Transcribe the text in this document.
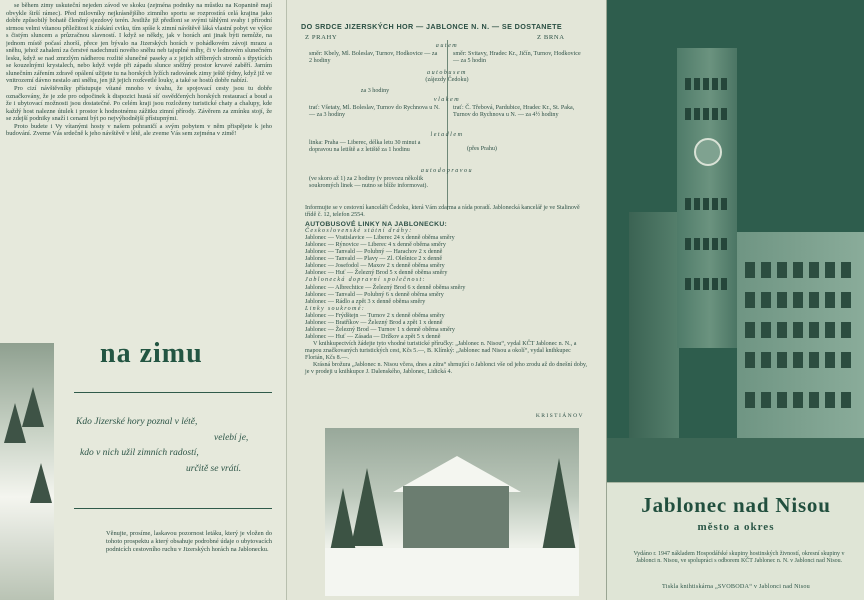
se během zimy uskuteční nejeden závod ve skoku (zejména podniky na můstku na Kopanině mají obvykle širší rámec). Před milovníky nejkrásnějšího zimního sportu se rozprostírá celá krajina jako dobře způsobilý bohatě členěný sjezdový terén. Jestliže již předloni se svými táhlými svahy i přírodní strmou velmi vítanou příležitost k získání cviku, tím spíše k zimní návštěvě láká vlastní pobyt ve výšce s čistým sluncem a průzračnou slavností. I když se někdy, jak v horách ani jinak býti nemůže, na jednom místě počasí zhorší, přece jen bývalo na Jizerských horách v pohádkovém závoji mrazu a sněhu, jehož zahalení za čerstvé nadechnutí nového sněhu neb tajuplné mlhy, či v lednovém slunečném lesku, když se nad zmrzlým nádherou rozlité slunečné paseky a z jejich stříbrných stromů s třpytících se kouzelnými krystalech, nebo když vejde při západu slunce sněžný prostor krvavé zaběří. Jarním slunečním zářením zdravě opálení užijete tu na horských lyžích radovánek zimy ještě týdny, když již ve vnitrozemí dávno nestalo ani sněhu, jen již jejich rozkvetlé louky, a také se hostů dobře nabízí.

Pro cizí návštěvníky přístupuje vítané mnoho v úvahu, že spojovací cesty jsou tu dobře označkovány, že je zde pro odpočinek k dispozici hustá síť osvědčených horských restaurací a boud a že i ubytovací možnosti jsou dostatečné. Po celém kraji jsou rozloženy turistické chaty a chalupy, kde každý host nalezne útulek i prostor k hodnotnému zážitku zimní přírody. Závěrem za zmínku stojí, že se zdejší podniky snaží i cenami být po nejvýhodnější přístupnými.

Proto budete i Vy vítanými hosty v našem pohraničí a svým pobytem v něm přispějete k jeho budování. Zveme Vás srdečně k jeho návštěvě v létě, ale zveme Vás sem zejména v zimě!

na zimu
Kdo Jizerské hory poznal v létě,
velebí je,
kdo v nich užil zimních radostí,
určitě se vrátí.
Věnujte, prosíme, laskavou pozornost letáku, který je vložen do tohoto prospektu a který obsahuje podrobné údaje o ubytovacích podnicích cestovního ruchu v Jizerských horách na Jablonecku.
DO SRDCE JIZERSKÝCH HOR — JABLONCE N. N. — SE DOSTANETE
Z PRAHY	Z BRNA
autem
směr: Kbely, Ml. Boleslav, Turnov, Hodkovice — za 2 hodiny
směr: Svitavy, Hradec Kr., Jičín, Turnov, Hodkovice — za 5 hodin
autobusem
(zájezdy Čedoku)
za 3 hodiny
vlakem
trať: Všetaty, Ml. Boleslav, Turnov do Rychnova u N. — za 3 hodiny
trať: Č. Třebová, Pardubice, Hradec Kr., St. Paka, Turnov do Rychnova u N. — za 4½ hodiny
letadlem
linka: Praha — Liberec, délka letu 30 minut a dopravou na letiště a z letiště za 1 hodinu	(přes Prahu)
autodopravou
(ve skoro až 1) za 2 hodiny (v provozu několik soukromých linek — nutno se blíže informovat).
Informujte se v cestovní kanceláři Čedoku, která Vám zdarma a ráda poradí. Jablonecká kancelář je ve Stalinově třídě č. 12, telefon 2554.
AUTOBUSOVÉ LINKY NA JABLONECKU:
Československé státní dráhy:
Jablonec — Vratislavice — Liberec 24 x denně oběma směry
Jablonec — Rýnovice — Liberec 4 x denně oběma směry
Jablonec — Tanvald — Polubný — Harachov 2 x denně
Jablonec — Tanvald — Plavy — Zl. Olešnice 2 x denně
Jablonec — Josefodol — Maxov 2 x denně oběma směry
Jablonec — Huť — Železný Brod 5 x denně oběma směry
Jablonecká dopravní společnost:
Jablonec — Albrechtice — Železný Brod 6 x denně oběma směry
Jablonec — Tanvald — Polubný 6 x denně oběma směry
Jablonec — Rádlo a zpět 3 x denně oběma směry
Linky soukromé:
Jablonec — Frýdštejn — Turnov 2 x denně oběma směry
Jablonec — Bratříkov — Železný Brod a zpět 1 x denně
Jablonec — Železný Brod — Turnov 1 x denně oběma směry
Jablonec — Huť — Zásada — Držkov a zpět 5 x denně
V knihkupectvích žádejte tyto vhodné turistické příručky: „Jablonec n. Nisou“, vydal KČT Jablonec n. N., a mapou značkovaných turistických cest, Kčs 5.—, B. Klímký: „Jablonec nad Nisou a okolí“, vydal knihkupec Florián, Kčs 8.—.
Krásná brožura „Jablonec n. Nisou včera, dnes a zítra“ shrnující o Jablonci vše od jeho zrodu až do dnešní doby, je v prodeji u knihkupce J. Dalenského, Jablonec, Lidická 4.
KRISTIÁNOV
Jablonec nad Nisou
město a okres
Vydáno r. 1947 nákladem Hospodářské skupiny hostinských živností, okresní skupiny v Jablonci n. Nisou, ve spolupráci s odborem KČT Jablonec n. N. v Jablonci nad Nisou.
Tiskla knihtiskárna „SVOBODA“ v Jablonci nad Nisou
